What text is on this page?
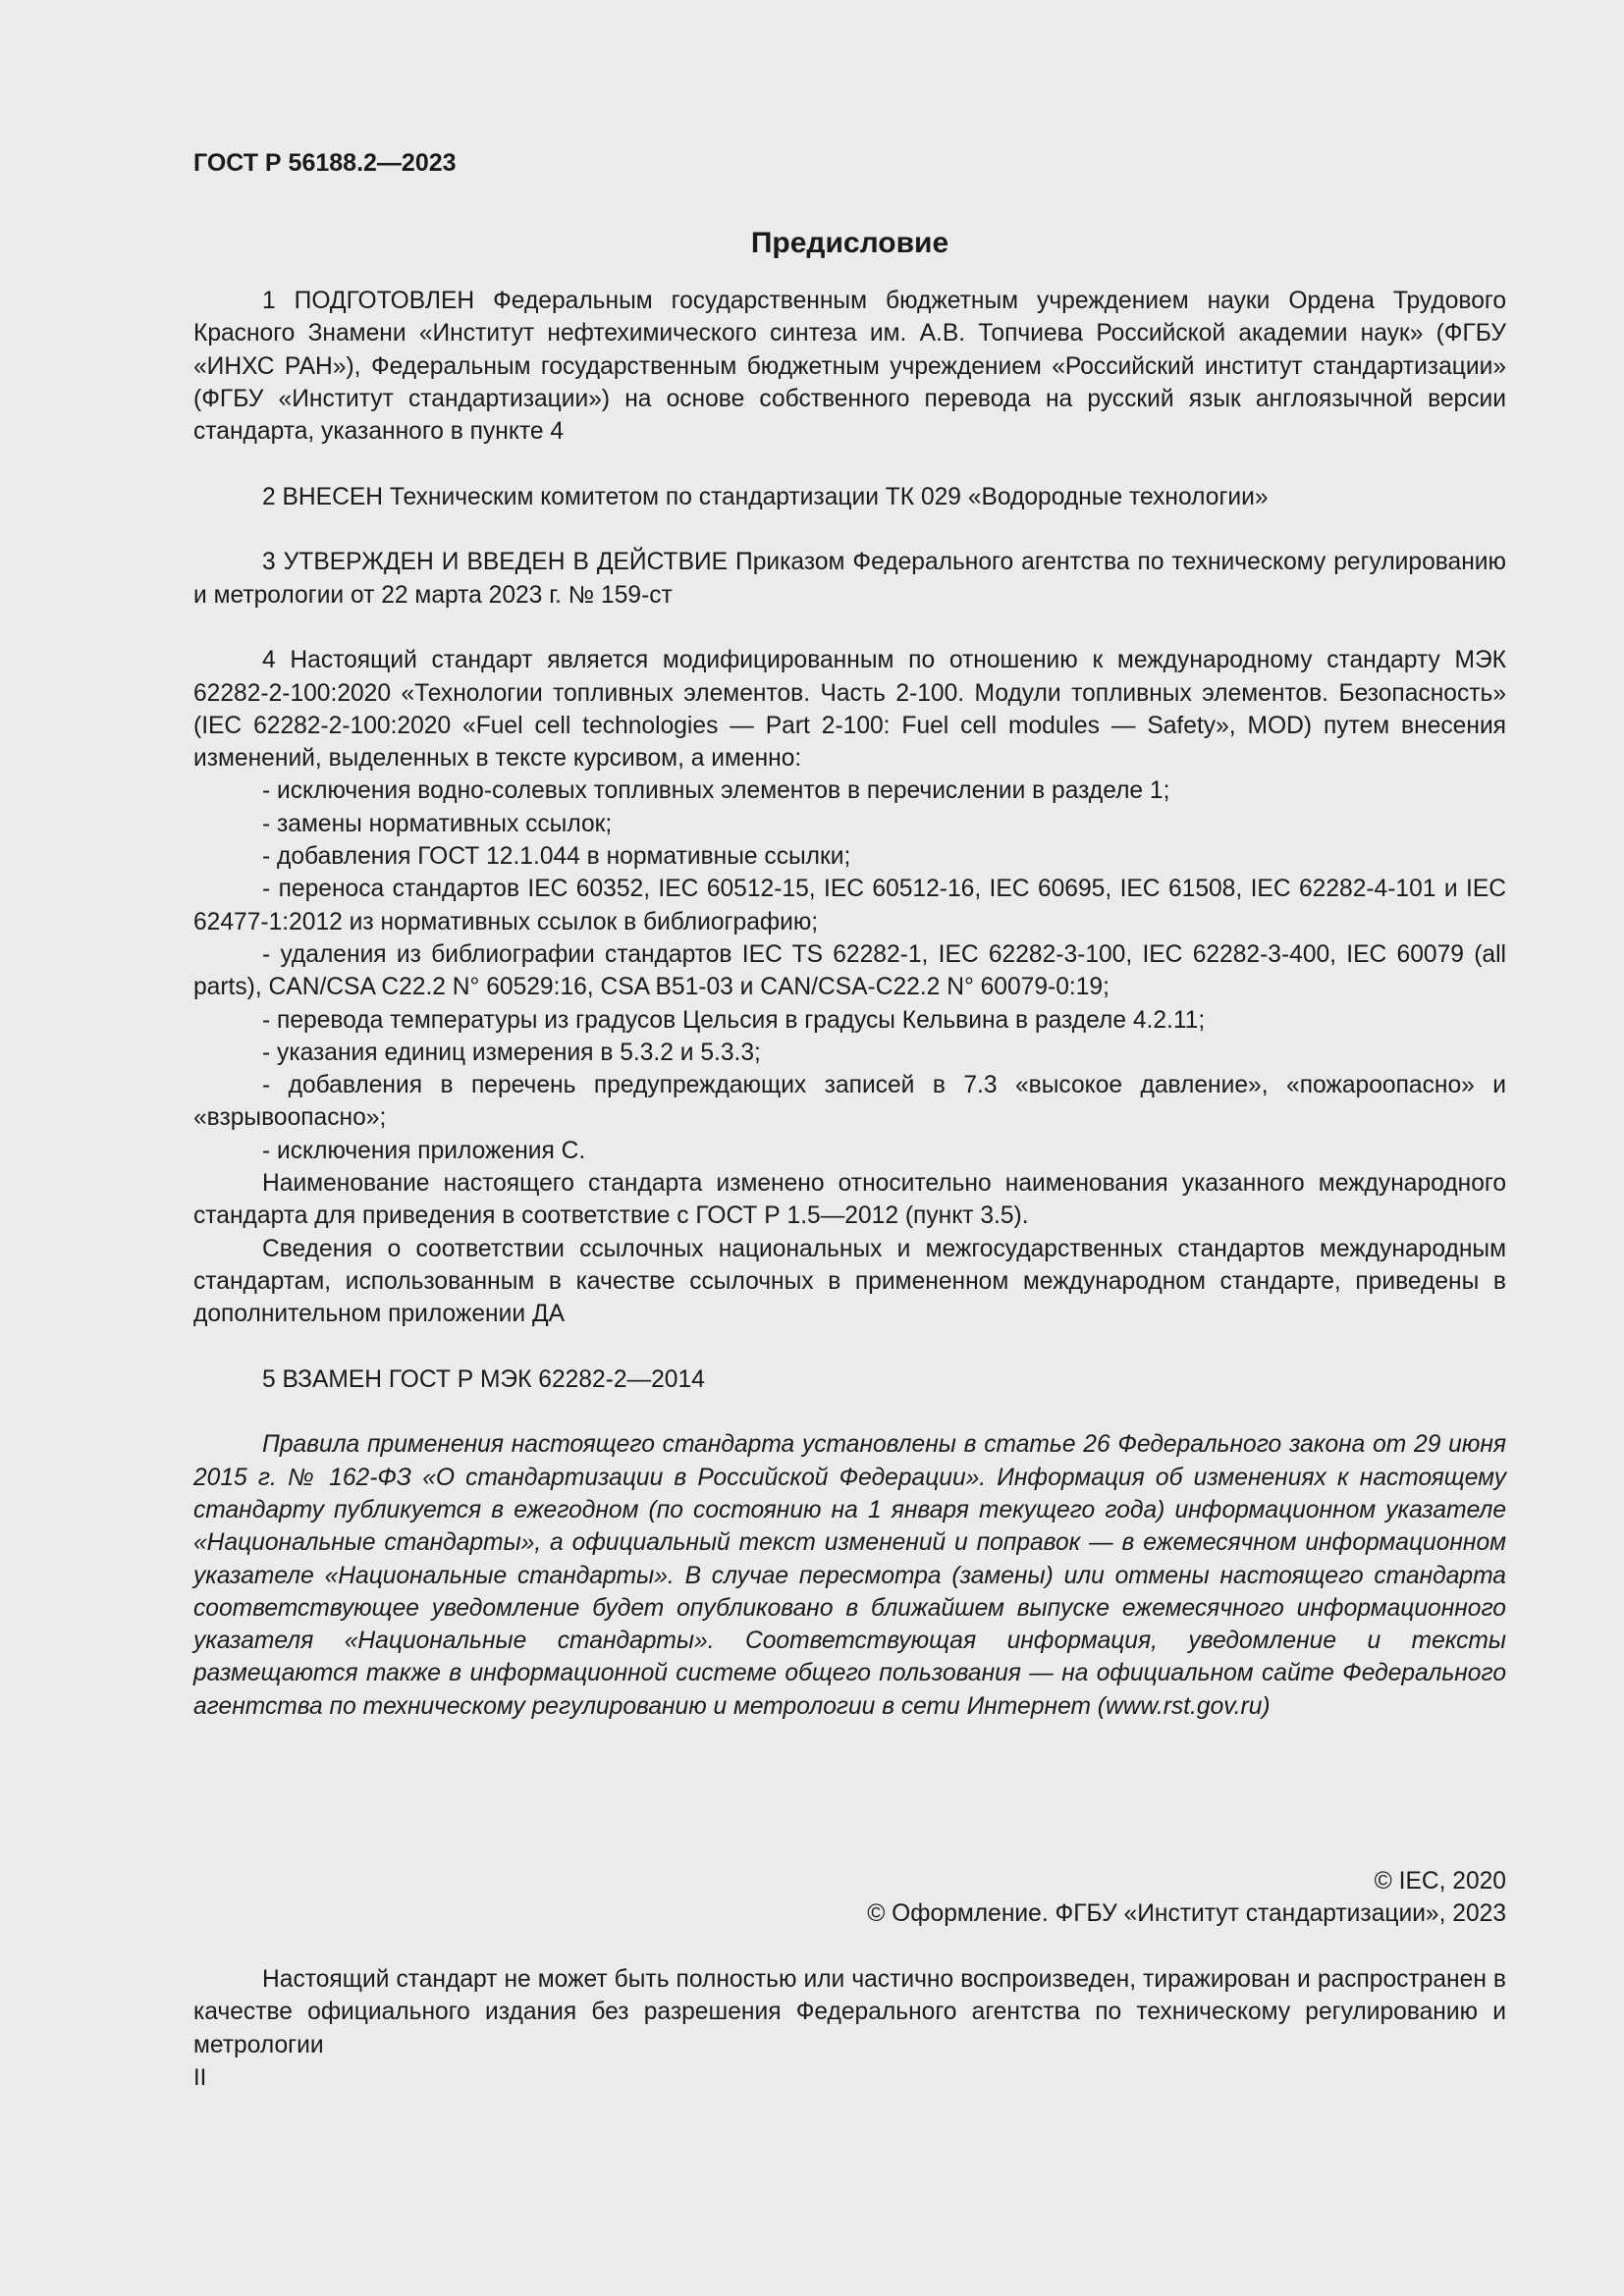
ГОСТ Р 56188.2—2023

Предисловие

1 ПОДГОТОВЛЕН Федеральным государственным бюджетным учреждением науки Ордена Трудового Красного Знамени «Институт нефтехимического синтеза им. А.В. Топчиева Российской академии наук» (ФГБУ «ИНХС РАН»), Федеральным государственным бюджетным учреждением «Российский институт стандартизации» (ФГБУ «Институт стандартизации») на основе собственного перевода на русский язык англоязычной версии стандарта, указанного в пункте 4

2 ВНЕСЕН Техническим комитетом по стандартизации ТК 029 «Водородные технологии»

3 УТВЕРЖДЕН И ВВЕДЕН В ДЕЙСТВИЕ Приказом Федерального агентства по техническому регулированию и метрологии от 22 марта 2023 г. № 159-ст

4 Настоящий стандарт является модифицированным по отношению к международному стандарту МЭК 62282-2-100:2020 «Технологии топливных элементов. Часть 2-100. Модули топливных элементов. Безопасность» (IEC 62282-2-100:2020 «Fuel cell technologies — Part 2-100: Fuel cell modules — Safety», MOD) путем внесения изменений, выделенных в тексте курсивом, а именно:

- исключения водно-солевых топливных элементов в перечислении в разделе 1;

- замены нормативных ссылок;

- добавления ГОСТ 12.1.044 в нормативные ссылки;

- переноса стандартов IEC 60352, IEC 60512-15, IEC 60512-16, IEC 60695, IEC 61508, IEC 62282-4-101 и IEC 62477-1:2012 из нормативных ссылок в библиографию;

- удаления из библиографии стандартов IEC TS 62282-1, IEC 62282-3-100, IEC 62282-3-400, IEC 60079 (all parts), CAN/CSA C22.2 N° 60529:16, CSA B51-03 и CAN/CSA-C22.2 N° 60079-0:19;

- перевода температуры из градусов Цельсия в градусы Кельвина в разделе 4.2.11;

- указания единиц измерения в 5.3.2 и 5.3.3;

- добавления в перечень предупреждающих записей в 7.3 «высокое давление», «пожароопасно» и «взрывоопасно»;

- исключения приложения С.

Наименование настоящего стандарта изменено относительно наименования указанного международного стандарта для приведения в соответствие с ГОСТ Р 1.5—2012 (пункт 3.5).

Сведения о соответствии ссылочных национальных и межгосударственных стандартов международным стандартам, использованным в качестве ссылочных в примененном международном стандарте, приведены в дополнительном приложении ДА

5 ВЗАМЕН ГОСТ Р МЭК 62282-2—2014

Правила применения настоящего стандарта установлены в статье 26 Федерального закона от 29 июня 2015 г. № 162-ФЗ «О стандартизации в Российской Федерации». Информация об изменениях к настоящему стандарту публикуется в ежегодном (по состоянию на 1 января текущего года) информационном указателе «Национальные стандарты», а официальный текст изменений и поправок — в ежемесячном информационном указателе «Национальные стандарты». В случае пересмотра (замены) или отмены настоящего стандарта соответствующее уведомление будет опубликовано в ближайшем выпуске ежемесячного информационного указателя «Национальные стандарты». Соответствующая информация, уведомление и тексты размещаются также в информационной системе общего пользования — на официальном сайте Федерального агентства по техническому регулированию и метрологии в сети Интернет (www.rst.gov.ru)

© IEC, 2020

© Оформление. ФГБУ «Институт стандартизации», 2023

Настоящий стандарт не может быть полностью или частично воспроизведен, тиражирован и распространен в качестве официального издания без разрешения Федерального агентства по техническому регулированию и метрологии

II
